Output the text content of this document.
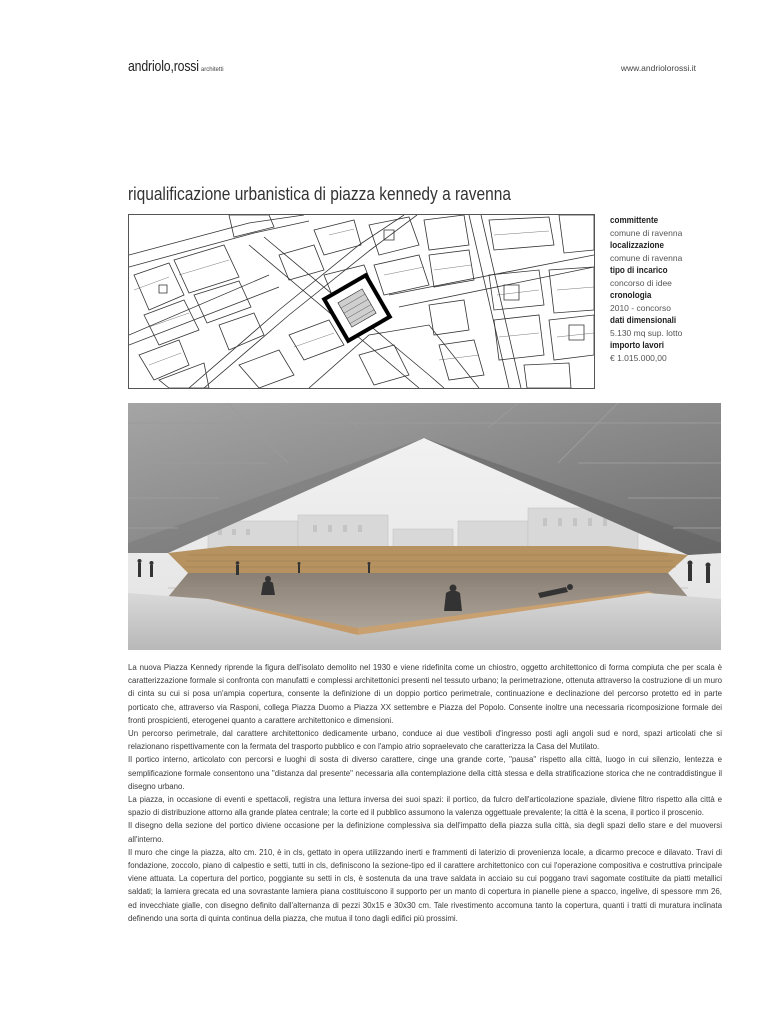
andriolo,rossi architetti	www.andriolorossi.it
riqualificazione urbanistica di piazza kennedy a ravenna
committente
comune di ravenna
localizzazione
comune di ravenna
tipo di incarico
concorso di idee
cronologia
2010 - concorso
dati dimensionali
5.130 mq sup. lotto
importo lavori
€ 1.015.000,00

La nuova Piazza Kennedy riprende la figura dell'isolato demolito nel 1930 e viene ridefinita come un chiostro, oggetto architettonico di forma compiuta che per scala è caratterizzazione formale si confronta con manufatti e complessi architettonici presenti nel tessuto urbano; la perimetrazione, ottenuta attraverso la costruzione di un muro di cinta su cui si posa un'ampia copertura, consente la definizione di un doppio portico perimetrale, continuazione e declinazione del percorso protetto ed in parte porticato che, attraverso via Rasponi, collega Piazza Duomo a Piazza XX settembre e Piazza del Popolo. Consente inoltre una necessaria ricomposizione formale dei fronti prospicienti, eterogenei quanto a carattere architettonico e dimensioni.

Un percorso perimetrale, dal carattere architettonico dedicamente urbano, conduce ai due vestiboli d'ingresso posti agli angoli sud e nord, spazi articolati che si relazionano rispettivamente con la fermata del trasporto pubblico e con l'ampio atrio sopraelevato che caratterizza la Casa del Mutilato.

Il portico interno, articolato con percorsi e luoghi di sosta di diverso carattere, cinge una grande corte, "pausa" rispetto alla città, luogo in cui silenzio, lentezza e semplificazione formale consentono una "distanza dal presente" necessaria alla contemplazione della città stessa e della stratificazione storica che ne contraddistingue il disegno urbano.

La piazza, in occasione di eventi e spettacoli, registra una lettura inversa dei suoi spazi: il portico, da fulcro dell'articolazione spaziale, diviene filtro rispetto alla città e spazio di distribuzione attorno alla grande platea centrale; la corte ed il pubblico assumono la valenza oggettuale prevalente; la città è la scena, il portico il proscenio.

Il disegno della sezione del portico diviene occasione per la definizione complessiva sia dell'impatto della piazza sulla città, sia degli spazi dello stare e del muoversi all'interno.

Il muro che cinge la piazza, alto cm. 210, è in cls, gettato in opera utilizzando inerti e frammenti di laterizio di provenienza locale, a dicarmo precoce e dilavato. Travi di fondazione, zoccolo, piano di calpestio e setti, tutti in cls, definiscono la sezione-tipo ed il carattere architettonico con cui l'operazione compositiva e costruttiva principale viene attuata. La copertura del portico, poggiante su setti in cls, è sostenuta da una trave saldata in acciaio su cui poggano travi sagomate costituite da piatti metallici saldati; la lamiera grecata ed una sovrastante lamiera piana costituiscono il supporto per un manto di copertura in pianelle piene a spacco, ingelive, di spessore mm 26, ed invecchiate gialle, con disegno definito dall'alternanza di pezzi 30x15 e 30x30 cm. Tale rivestimento accomuna tanto la copertura, quanti i tratti di muratura inclinata definendo una sorta di quinta continua della piazza, che mutua il tono dagli edifici più prossimi.
